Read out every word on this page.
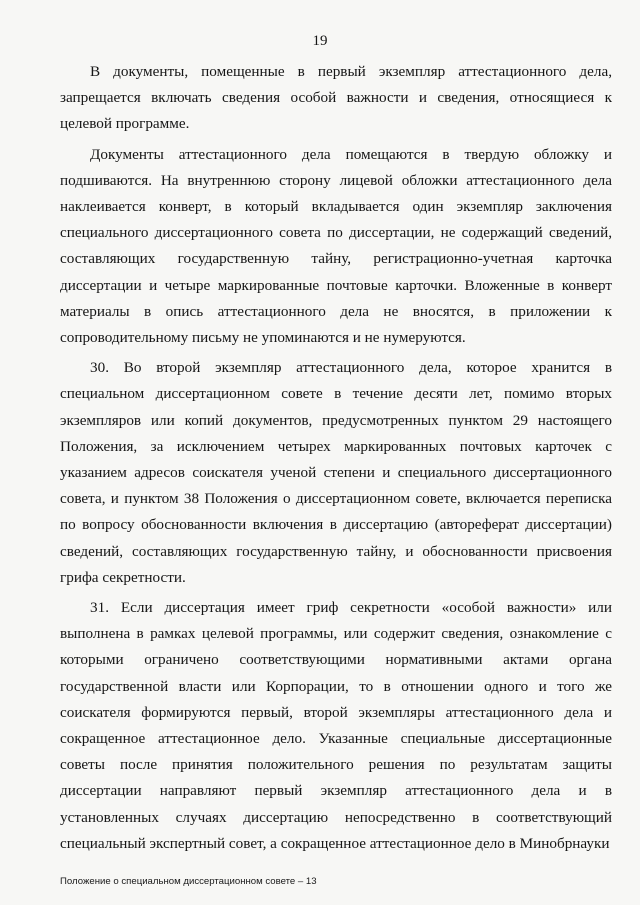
19

В документы, помещенные в первый экземпляр аттестационного дела, запрещается включать сведения особой важности и сведения, относящиеся к целевой программе.

Документы аттестационного дела помещаются в твердую обложку и подшиваются. На внутреннюю сторону лицевой обложки аттестационного дела наклеивается конверт, в который вкладывается один экземпляр заключения специального диссертационного совета по диссертации, не содержащий сведений, составляющих государственную тайну, регистрационно-учетная карточка диссертации и четыре маркированные почтовые карточки. Вложенные в конверт материалы в опись аттестационного дела не вносятся, в приложении к сопроводительному письму не упоминаются и не нумеруются.

30. Во второй экземпляр аттестационного дела, которое хранится в специальном диссертационном совете в течение десяти лет, помимо вторых экземпляров или копий документов, предусмотренных пунктом 29 настоящего Положения, за исключением четырех маркированных почтовых карточек с указанием адресов соискателя ученой степени и специального диссертационного совета, и пунктом 38 Положения о диссертационном совете, включается переписка по вопросу обоснованности включения в диссертацию (автореферат диссертации) сведений, составляющих государственную тайну, и обоснованности присвоения грифа секретности.

31. Если диссертация имеет гриф секретности «особой важности» или выполнена в рамках целевой программы, или содержит сведения, ознакомление с которыми ограничено соответствующими нормативными актами органа государственной власти или Корпорации, то в отношении одного и того же соискателя формируются первый, второй экземпляры аттестационного дела и сокращенное аттестационное дело. Указанные специальные диссертационные советы после принятия положительного решения по результатам защиты диссертации направляют первый экземпляр аттестационного дела и в установленных случаях диссертацию непосредственно в соответствующий специальный экспертный совет, а сокращенное аттестационное дело в Минобрнауки

Положение о специальном диссертационном совете – 13
